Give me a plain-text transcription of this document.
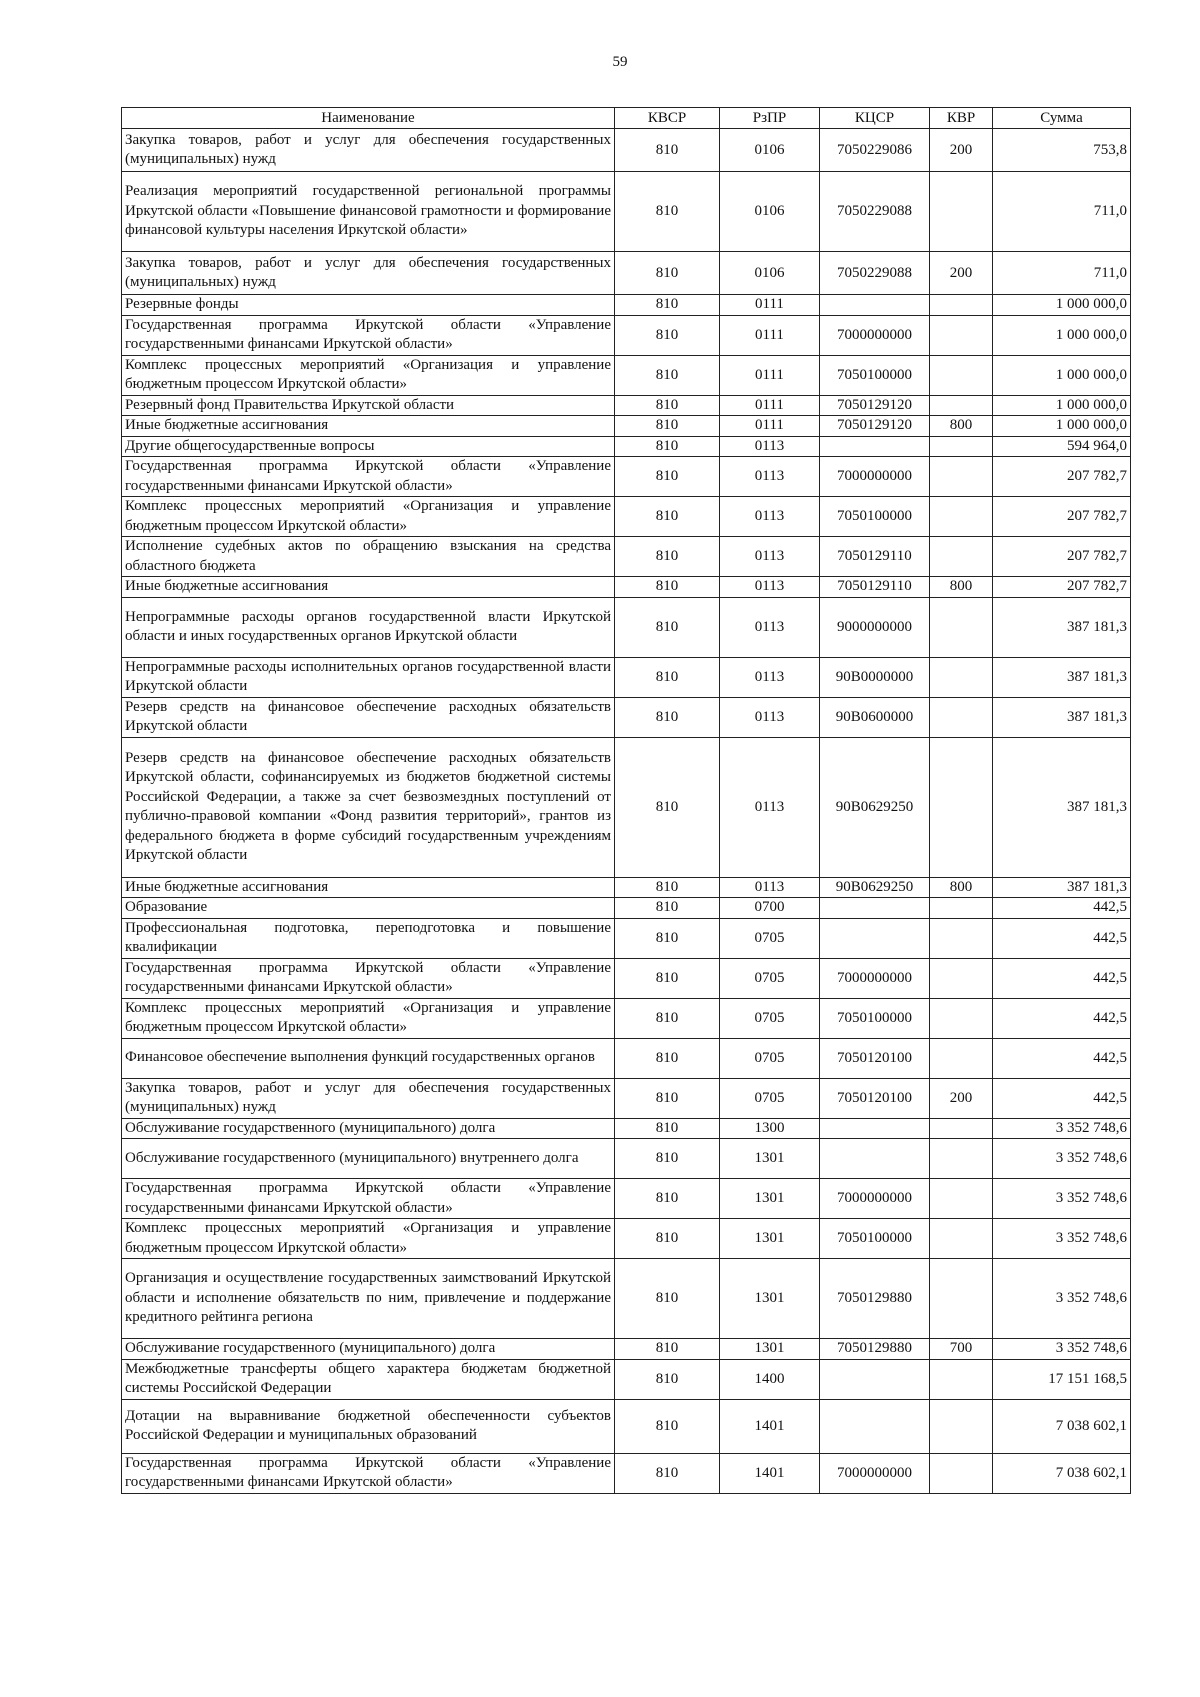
59
Наименование	КВСР	РзПР	КЦСР	КВР	Сумма
Закупка товаров, работ и услуг для обеспечения государственных (муниципальных) нужд	810	0106	7050229086	200	753,8
Реализация мероприятий государственной региональной программы Иркутской области «Повышение финансовой грамотности и формирование финансовой культуры населения Иркутской области»	810	0106	7050229088		711,0
Закупка товаров, работ и услуг для обеспечения государственных (муниципальных) нужд	810	0106	7050229088	200	711,0
Резервные фонды	810	0111			1 000 000,0
Государственная программа Иркутской области «Управление государственными финансами Иркутской области»	810	0111	7000000000		1 000 000,0
Комплекс процессных мероприятий «Организация и управление бюджетным процессом Иркутской области»	810	0111	7050100000		1 000 000,0
Резервный фонд Правительства Иркутской области	810	0111	7050129120		1 000 000,0
Иные бюджетные ассигнования	810	0111	7050129120	800	1 000 000,0
Другие общегосударственные вопросы	810	0113			594 964,0
Государственная программа Иркутской области «Управление государственными финансами Иркутской области»	810	0113	7000000000		207 782,7
Комплекс процессных мероприятий «Организация и управление бюджетным процессом Иркутской области»	810	0113	7050100000		207 782,7
Исполнение судебных актов по обращению взыскания на средства областного бюджета	810	0113	7050129110		207 782,7
Иные бюджетные ассигнования	810	0113	7050129110	800	207 782,7
Непрограммные расходы органов государственной власти Иркутской области и иных государственных органов Иркутской области	810	0113	9000000000		387 181,3
Непрограммные расходы исполнительных органов государственной власти Иркутской области	810	0113	90В0000000		387 181,3
Резерв средств на финансовое обеспечение расходных обязательств Иркутской области	810	0113	90В0600000		387 181,3
Резерв средств на финансовое обеспечение расходных обязательств Иркутской области, софинансируемых из бюджетов бюджетной системы Российской Федерации, а также за счет безвозмездных поступлений от публично-правовой компании «Фонд развития территорий», грантов из федерального бюджета в форме субсидий государственным учреждениям Иркутской области	810	0113	90В0629250		387 181,3
Иные бюджетные ассигнования	810	0113	90В0629250	800	387 181,3
Образование	810	0700			442,5
Профессиональная подготовка, переподготовка и повышение квалификации	810	0705			442,5
Государственная программа Иркутской области «Управление государственными финансами Иркутской области»	810	0705	7000000000		442,5
Комплекс процессных мероприятий «Организация и управление бюджетным процессом Иркутской области»	810	0705	7050100000		442,5
Финансовое обеспечение выполнения функций государственных органов	810	0705	7050120100		442,5
Закупка товаров, работ и услуг для обеспечения государственных (муниципальных) нужд	810	0705	7050120100	200	442,5
Обслуживание государственного (муниципального) долга	810	1300			3 352 748,6
Обслуживание государственного (муниципального) внутреннего долга	810	1301			3 352 748,6
Государственная программа Иркутской области «Управление государственными финансами Иркутской области»	810	1301	7000000000		3 352 748,6
Комплекс процессных мероприятий «Организация и управление бюджетным процессом Иркутской области»	810	1301	7050100000		3 352 748,6
Организация и осуществление государственных заимствований Иркутской области и исполнение обязательств по ним, привлечение и поддержание кредитного рейтинга региона	810	1301	7050129880		3 352 748,6
Обслуживание государственного (муниципального) долга	810	1301	7050129880	700	3 352 748,6
Межбюджетные трансферты общего характера бюджетам бюджетной системы Российской Федерации	810	1400			17 151 168,5
Дотации на выравнивание бюджетной обеспеченности субъектов Российской Федерации и муниципальных образований	810	1401			7 038 602,1
Государственная программа Иркутской области «Управление государственными финансами Иркутской области»	810	1401	7000000000		7 038 602,1
